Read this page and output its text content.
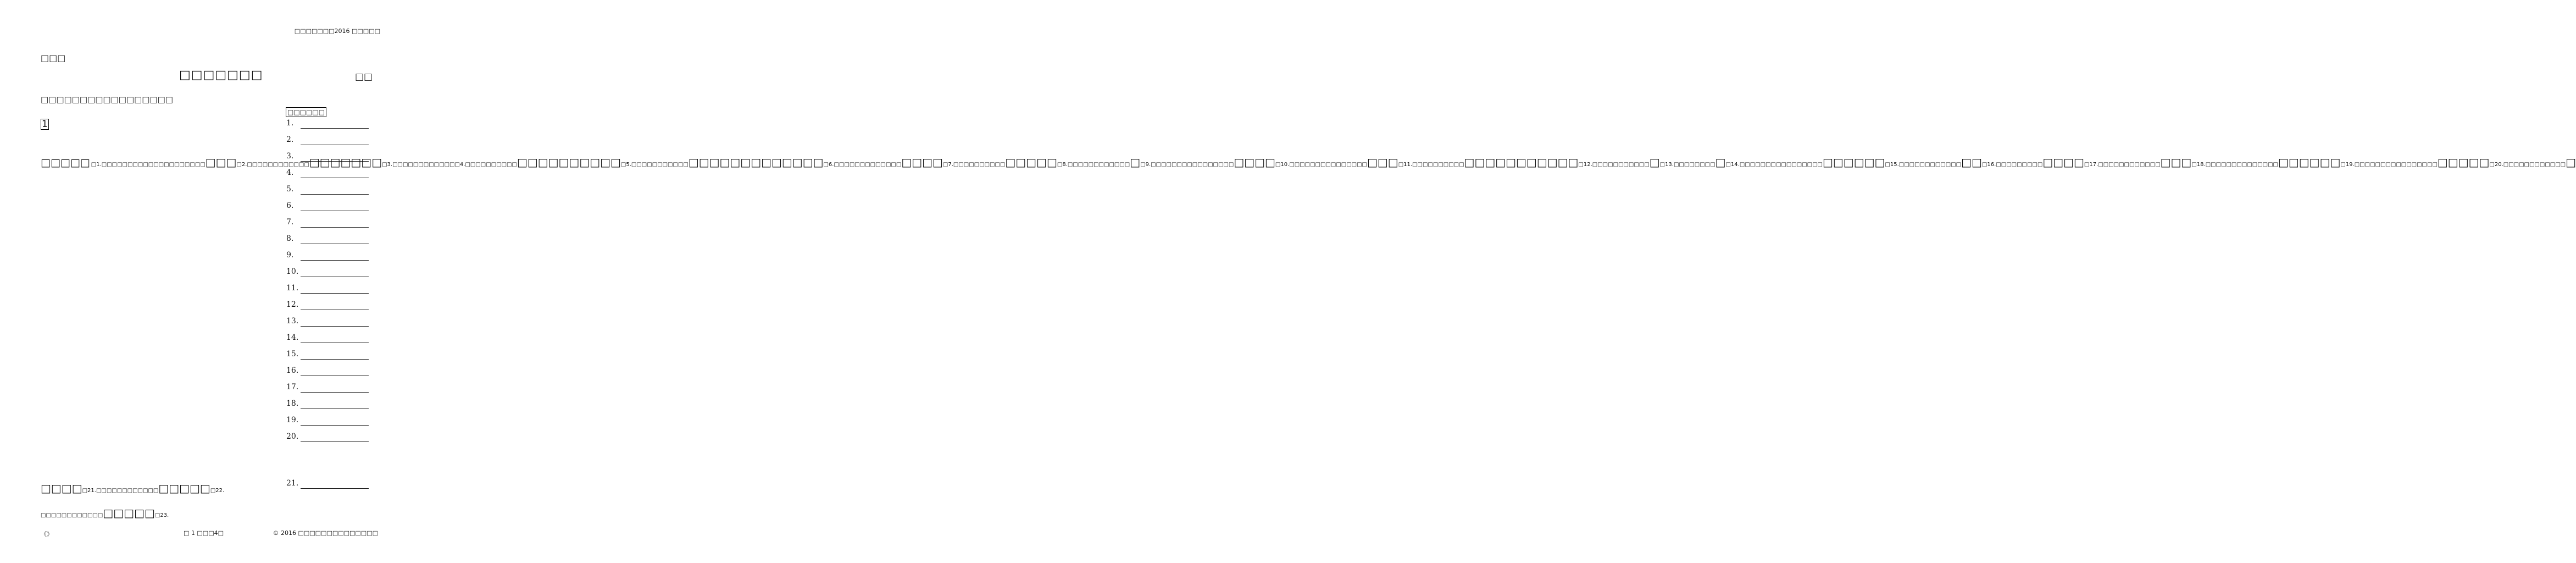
□□□□□□□2016 □□□□□
□□□
□□□□□□□	□□
□□□□□□□□□□□□□□□□□
□□□□□□
1.
2.
3.
4.
5.
6.
7.
8.
9.
10.
11.
12.
13.
14.
15.
16.
17.
18.
19.
20.
21.
1□□□□□ □1.□□□□□□□□□□□□□□□□□□□□□□□□2.□□□□□□□□□□□□□□□□□□□□3.□□□□□□□□□□□□□4.□□□□□□□□□□□□□□□□□□□□□5.□□□□□□□□□□□□□□□□□□□□□□□□□6.□□□□□□□□□□□□□□□□□□7.□□□□□□□□□□□□□□□□8.□□□□□□□□□□□□□□9.□□□□□□□□□□□□□□□□□□□□□10.□□□□□□□□□□□□□□□□□□□11.□□□□□□□□□□□□□□□□□□□□□□12.□□□□□□□□□□□□□13.□□□□□□□□□□14.□□□□□□□□□□□□□□□□□□□□□□□15.□□□□□□□□□□□□□□□16.□□□□□□□□□□□□□□17.□□□□□□□□□□□□□□□□18.□□□□□□□□□□□□□□□□□□□□□19.□□□□□□□□□□□□□□□□□□□□□□20.□□□□□□□□□□□□□
□□□□□21.□□□□□□□□□□□□□□□□□□22. □□□□□□□□□□□□□□□□□□23.
《》	□ 1 □□□4□	© 2016 □□□□□□□□□□□□□□
